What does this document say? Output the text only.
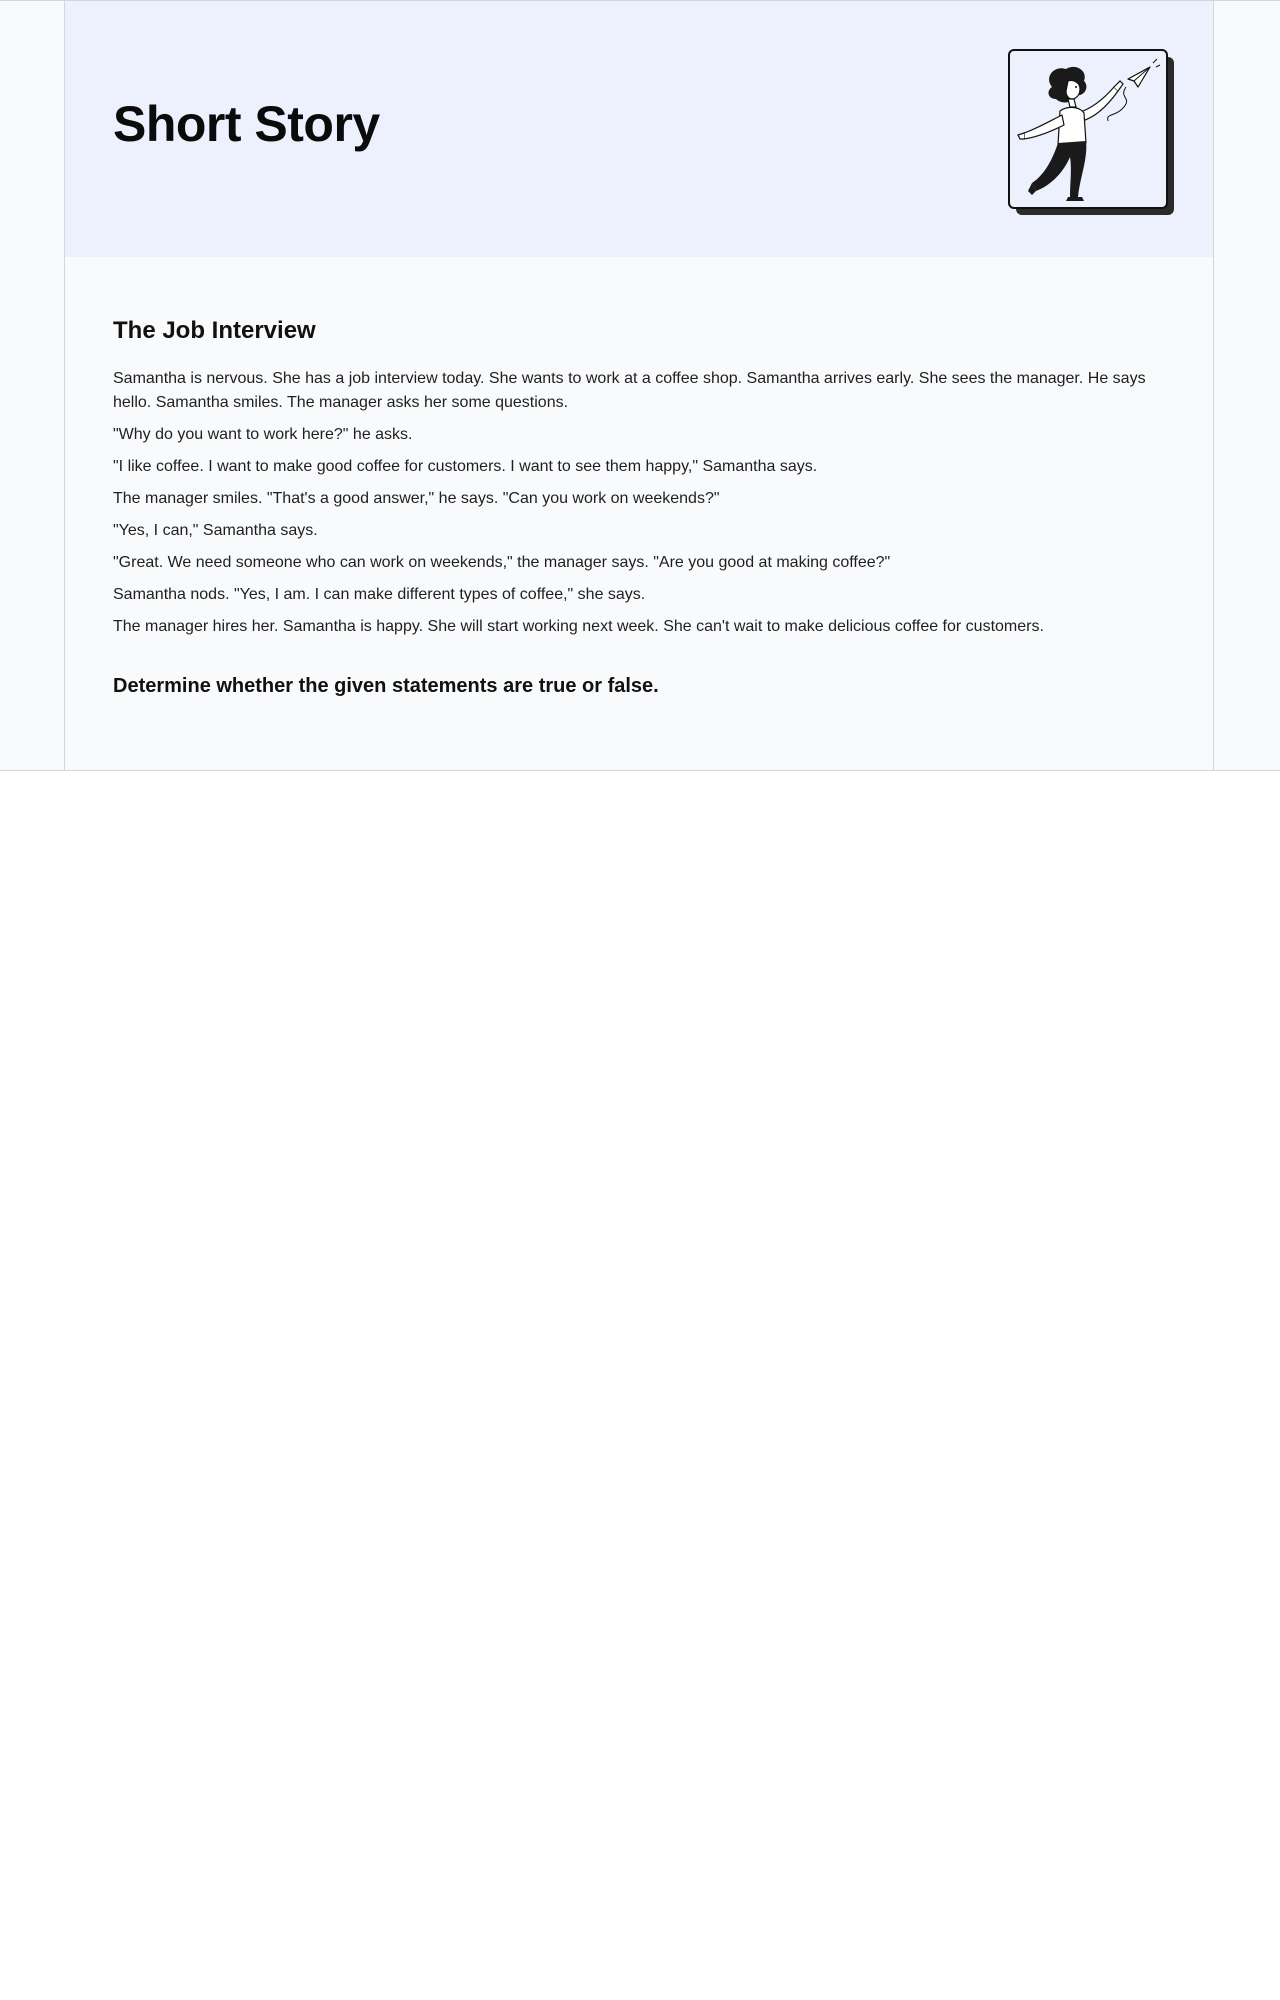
Short Story
The Job Interview

Samantha is nervous. She has a job interview today. She wants to work at a coffee shop. Samantha arrives early. She sees the manager. He says hello. Samantha smiles. The manager asks her some questions.

"Why do you want to work here?" he asks.

"I like coffee. I want to make good coffee for customers. I want to see them happy," Samantha says.

The manager smiles. "That's a good answer," he says. "Can you work on weekends?"

"Yes, I can," Samantha says.

"Great. We need someone who can work on weekends," the manager says. "Are you good at making coffee?"

Samantha nods. "Yes, I am. I can make different types of coffee," she says.

The manager hires her. Samantha is happy. She will start working next week. She can't wait to make delicious coffee for customers.

Determine whether the given statements are true or false.
